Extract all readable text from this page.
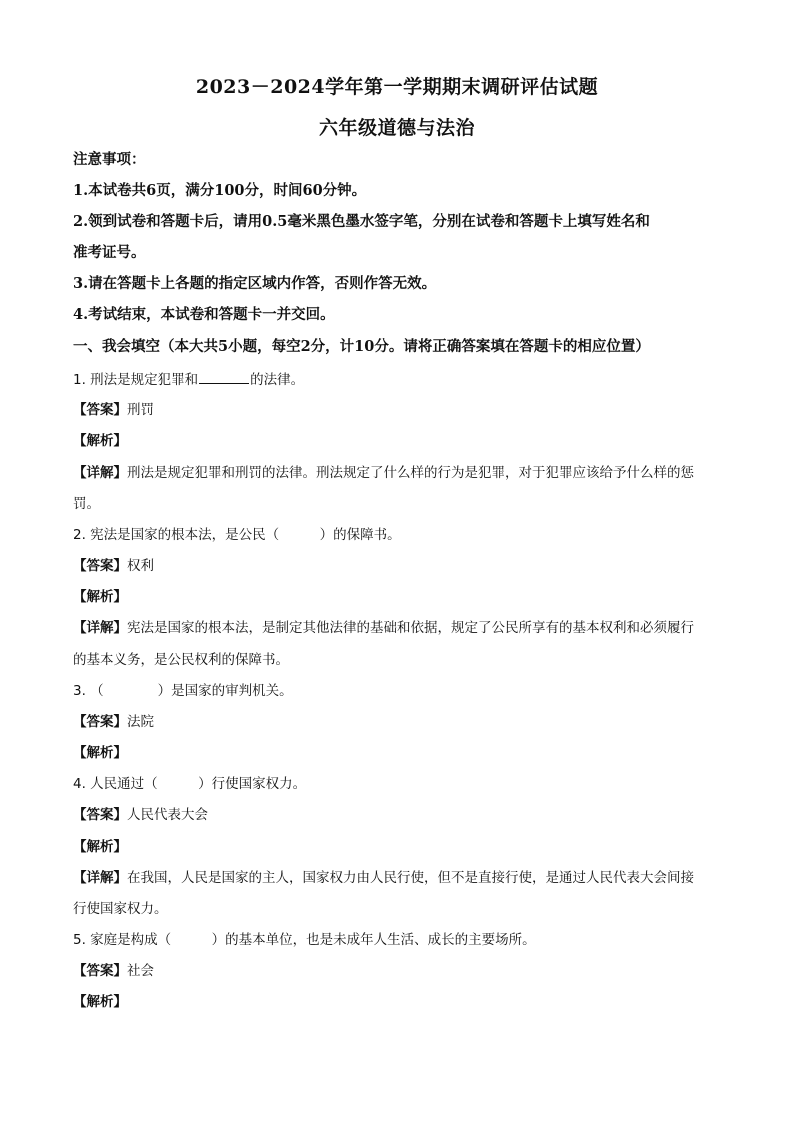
2023－2024学年第一学期期末调研评估试题
六年级道德与法治
注意事项：
1.本试卷共6页，满分100分，时间60分钟。
2.领到试卷和答题卡后，请用0.5毫米黑色墨水签字笔，分别在试卷和答题卡上填写姓名和
准考证号。
3.请在答题卡上各题的指定区域内作答，否则作答无效。
4.考试结束，本试卷和答题卡一并交回。
一、我会填空（本大共5小题，每空2分，计10分。请将正确答案填在答题卡的相应位置）
1. 刑法是规定犯罪和	的法律。
【答案】刑罚
【解析】
【详解】刑法是规定犯罪和刑罚的法律。刑法规定了什么样的行为是犯罪，对于犯罪应该给予什么样的惩
罚。
2. 宪法是国家的根本法，是公民（　　　）的保障书。
【答案】权利
【解析】
【详解】宪法是国家的根本法，是制定其他法律的基础和依据，规定了公民所享有的基本权利和必须履行
的基本义务，是公民权利的保障书。
3. （　　　　）是国家的审判机关。
【答案】法院
【解析】
4. 人民通过（　　　）行使国家权力。
【答案】人民代表大会
【解析】
【详解】在我国，人民是国家的主人，国家权力由人民行使，但不是直接行使，是通过人民代表大会间接
行使国家权力。
5. 家庭是构成（　　　）的基本单位，也是未成年人生活、成长的主要场所。
【答案】社会
【解析】
